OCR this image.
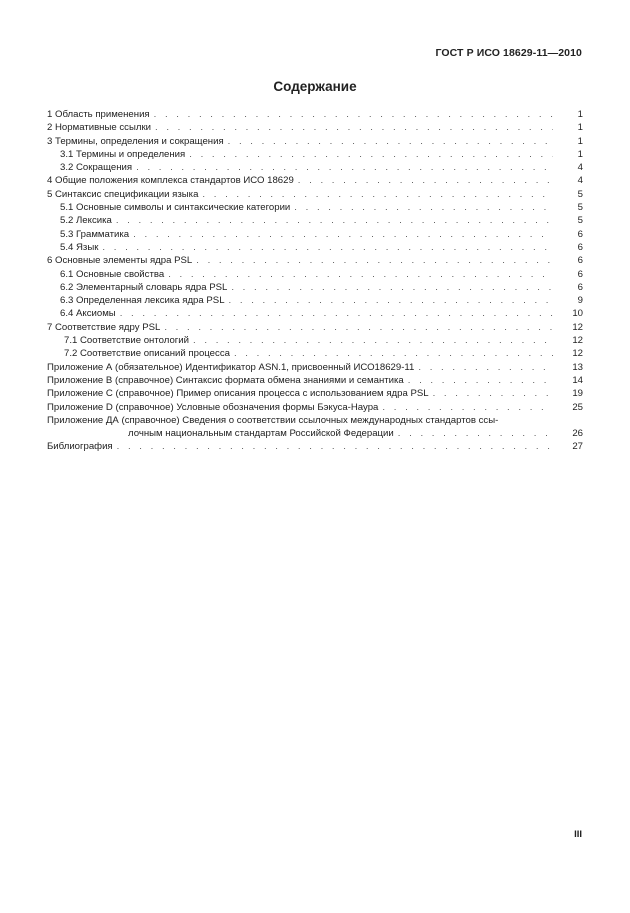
ГОСТ Р ИСО 18629-11—2010
Содержание
1 Область применения . . .	1
2 Нормативные ссылки . . .	1
3 Термины, определения и сокращения . . .	1
3.1 Термины и определения . . .	1
3.2 Сокращения . . .	4
4 Общие положения комплекса стандартов ИСО 18629 . . .	4
5 Синтаксис спецификации языка . . .	5
5.1 Основные символы и синтаксические категории . . .	5
5.2 Лексика . . .	5
5.3 Грамматика . . .	6
5.4 Язык . . .	6
6 Основные элементы ядра PSL . . .	6
6.1 Основные свойства . . .	6
6.2 Элементарный словарь ядра PSL . . .	6
6.3 Определенная лексика ядра PSL . . .	9
6.4 Аксиомы . . .	10
7 Соответствие ядру PSL . . .	12
7.1 Соответствие онтологий . . .	12
7.2 Соответствие описаний процесса . . .	12
Приложение А (обязательное) Идентификатор ASN.1, присвоенный ИСО18629-11 . . .	13
Приложение В (справочное) Синтаксис формата обмена знаниями и семантика . . .	14
Приложение С (справочное) Пример описания процесса с использованием ядра PSL . . .	19
Приложение D (справочное) Условные обозначения формы Бэкуса-Наура . . .	25
Приложение ДА (справочное) Сведения о соответствии ссылочных международных стандартов ссы-
лочным национальным стандартам Российской Федерации . . .	26
Библиография . . .	27
III
